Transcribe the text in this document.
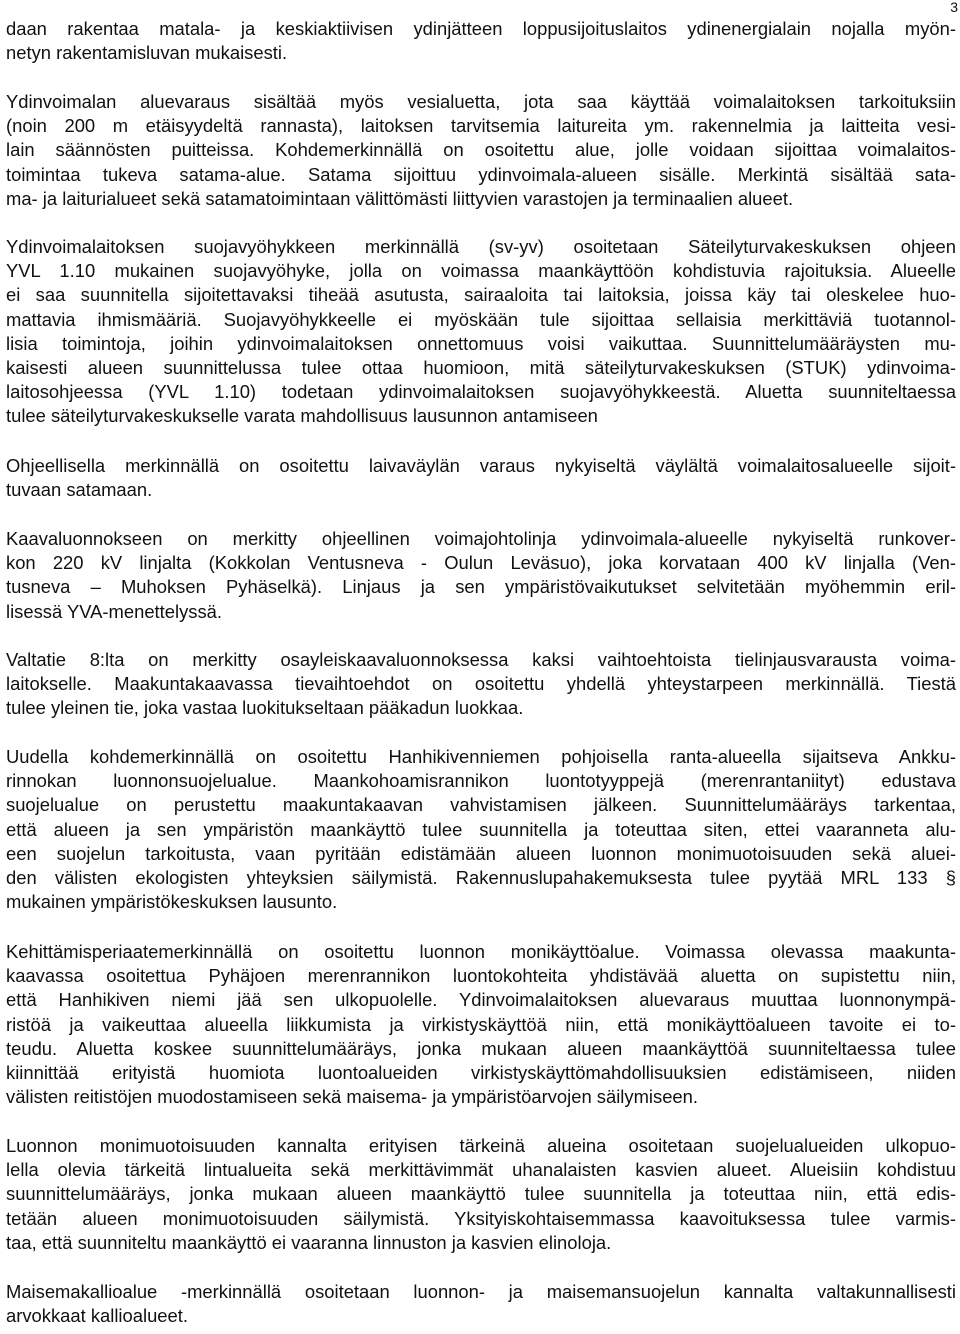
3
daan rakentaa matala- ja keskiaktiivisen ydinjätteen loppusijoituslaitos ydinenergialain nojalla myön-
netyn rakentamisluvan mukaisesti.
Ydinvoimalan aluevaraus sisältää myös vesialuetta, jota saa käyttää voimalaitoksen tarkoituksiin
(noin 200 m etäisyydeltä rannasta), laitoksen tarvitsemia laitureita ym. rakennelmia ja laitteita vesi-
lain säännösten puitteissa. Kohdemerkinnällä on osoitettu alue, jolle voidaan sijoittaa voimalaitos-
toimintaa tukeva satama-alue. Satama sijoittuu ydinvoimala-alueen sisälle. Merkintä sisältää sata-
ma- ja laiturialueet sekä satamatoimintaan välittömästi liittyvien varastojen ja terminaalien alueet.
Ydinvoimalaitoksen suojavyöhykkeen merkinnällä (sv-yv) osoitetaan Säteilyturvakeskuksen ohjeen
YVL 1.10 mukainen suojavyöhyke, jolla on voimassa maankäyttöön kohdistuvia rajoituksia. Alueelle
ei saa suunnitella sijoitettavaksi tiheää asutusta, sairaaloita tai laitoksia, joissa käy tai oleskelee huo-
mattavia ihmismääriä. Suojavyöhykkeelle ei myöskään tule sijoittaa sellaisia merkittäviä tuotannol-
lisia toimintoja, joihin ydinvoimalaitoksen onnettomuus voisi vaikuttaa. Suunnittelumääräysten mu-
kaisesti alueen suunnittelussa tulee ottaa huomioon, mitä säteilyturvakeskuksen (STUK) ydinvoima-
laitosohjeessa (YVL 1.10) todetaan ydinvoimalaitoksen suojavyöhykkeestä. Aluetta suunniteltaessa
tulee säteilyturvakeskukselle varata mahdollisuus lausunnon antamiseen
Ohjeellisella merkinnällä on osoitettu laivaväylän varaus nykyiseltä väylältä voimalaitosalueelle sijoit-
tuvaan satamaan.
Kaavaluonnokseen on merkitty ohjeellinen voimajohtolinja ydinvoimala-alueelle nykyiseltä runkover-
kon 220 kV linjalta (Kokkolan Ventusneva - Oulun Leväsuo), joka korvataan 400 kV linjalla (Ven-
tusneva – Muhoksen Pyhäselkä). Linjaus ja sen ympäristövaikutukset selvitetään myöhemmin eril-
lisessä YVA-menettelyssä.
Valtatie 8:lta on merkitty osayleiskaavaluonnoksessa kaksi vaihtoehtoista tielinjausvarausta voima-
laitokselle. Maakuntakaavassa tievaihtoehdot on osoitettu yhdellä yhteystarpeen merkinnällä. Tiestä
tulee yleinen tie, joka vastaa luokitukseltaan pääkadun luokkaa.
Uudella kohdemerkinnällä on osoitettu Hanhikivenniemen pohjoisella ranta-alueella sijaitseva Ankku-
rinnokan luonnonsuojelualue. Maankohoamisrannikon luontotyyppejä (merenrantaniityt) edustava
suojelualue on perustettu maakuntakaavan vahvistamisen jälkeen. Suunnittelumääräys tarkentaa,
että alueen ja sen ympäristön maankäyttö tulee suunnitella ja toteuttaa siten, ettei vaaranneta alu-
een suojelun tarkoitusta, vaan pyritään edistämään alueen luonnon monimuotoisuuden sekä aluei-
den välisten ekologisten yhteyksien säilymistä. Rakennuslupahakemuksesta tulee pyytää MRL 133 §
mukainen ympäristökeskuksen lausunto.
Kehittämisperiaatemerkinnällä on osoitettu luonnon monikäyttöalue. Voimassa olevassa maakunta-
kaavassa osoitettua Pyhäjoen merenrannikon luontokohteita yhdistävää aluetta on supistettu niin,
että Hanhikiven niemi jää sen ulkopuolelle. Ydinvoimalaitoksen aluevaraus muuttaa luonnonympä-
ristöä ja vaikeuttaa alueella liikkumista ja virkistyskäyttöä niin, että monikäyttöalueen tavoite ei to-
teudu. Aluetta koskee suunnittelumääräys, jonka mukaan alueen maankäyttöä suunniteltaessa tulee
kiinnittää erityistä huomiota luontoalueiden virkistyskäyttömahdollisuuksien edistämiseen, niiden
välisten reitistöjen muodostamiseen sekä maisema- ja ympäristöarvojen säilymiseen.
Luonnon monimuotoisuuden kannalta erityisen tärkeinä alueina osoitetaan suojelualueiden ulkopuo-
lella olevia tärkeitä lintualueita sekä merkittävimmät uhanalaisten kasvien alueet. Alueisiin kohdistuu
suunnittelumääräys, jonka mukaan alueen maankäyttö tulee suunnitella ja toteuttaa niin, että edis-
tetään alueen monimuotoisuuden säilymistä. Yksityiskohtaisemmassa kaavoituksessa tulee varmis-
taa, että suunniteltu maankäyttö ei vaaranna linnuston ja kasvien elinoloja.
Maisemakallioalue -merkinnällä osoitetaan luonnon- ja maisemansuojelun kannalta valtakunnallisesti
arvokkaat kallioalueet.
